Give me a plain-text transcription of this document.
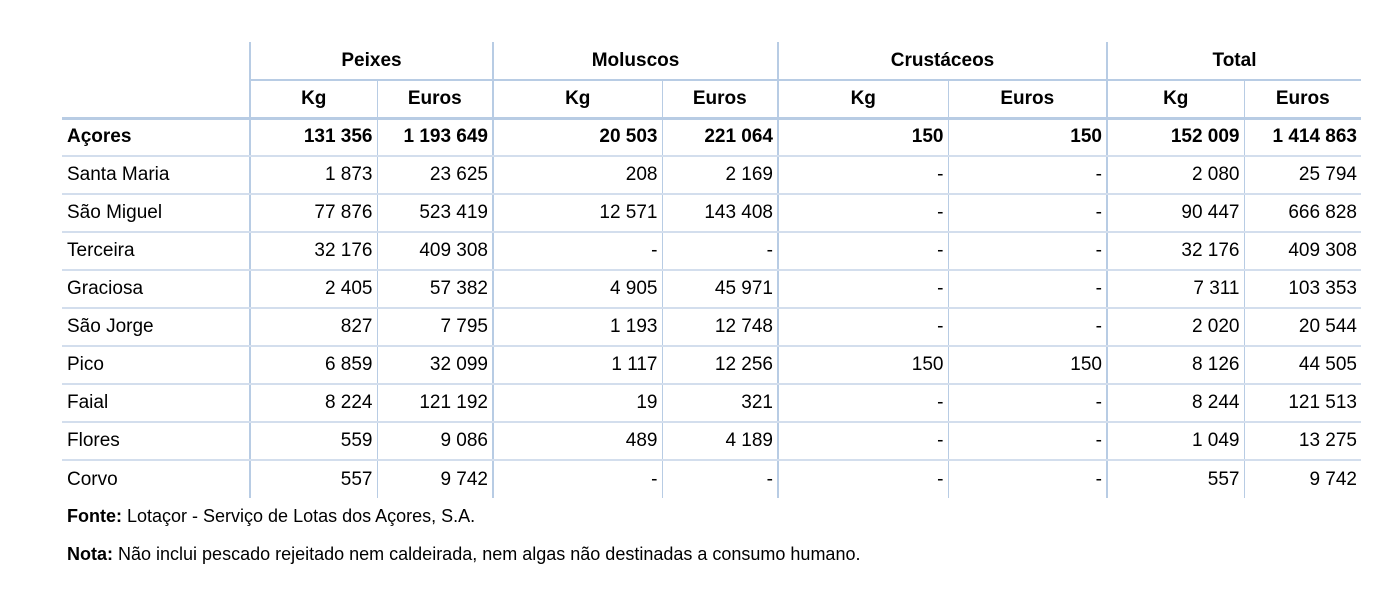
	Peixes		Moluscos		Crustáceos		Total	
	Kg	Euros	Kg	Euros	Kg	Euros	Kg	Euros
Açores	131 356	1 193 649	20 503	221 064	150	150	152 009	1 414 863
Santa Maria	1 873	23 625	208	2 169	-	-	2 080	25 794
São Miguel	77 876	523 419	12 571	143 408	-	-	90 447	666 828
Terceira	32 176	409 308	-	-	-	-	32 176	409 308
Graciosa	2 405	57 382	4 905	45 971	-	-	7 311	103 353
São Jorge	827	7 795	1 193	12 748	-	-	2 020	20 544
Pico	6 859	32 099	1 117	12 256	150	150	8 126	44 505
Faial	8 224	121 192	19	321	-	-	8 244	121 513
Flores	559	9 086	489	4 189	-	-	1 049	13 275
Corvo	557	9 742	-	-	-	-	557	9 742
Fonte: Lotaçor - Serviço de Lotas dos Açores, S.A.
Nota: Não inclui pescado rejeitado nem caldeirada, nem algas não destinadas a consumo humano.
